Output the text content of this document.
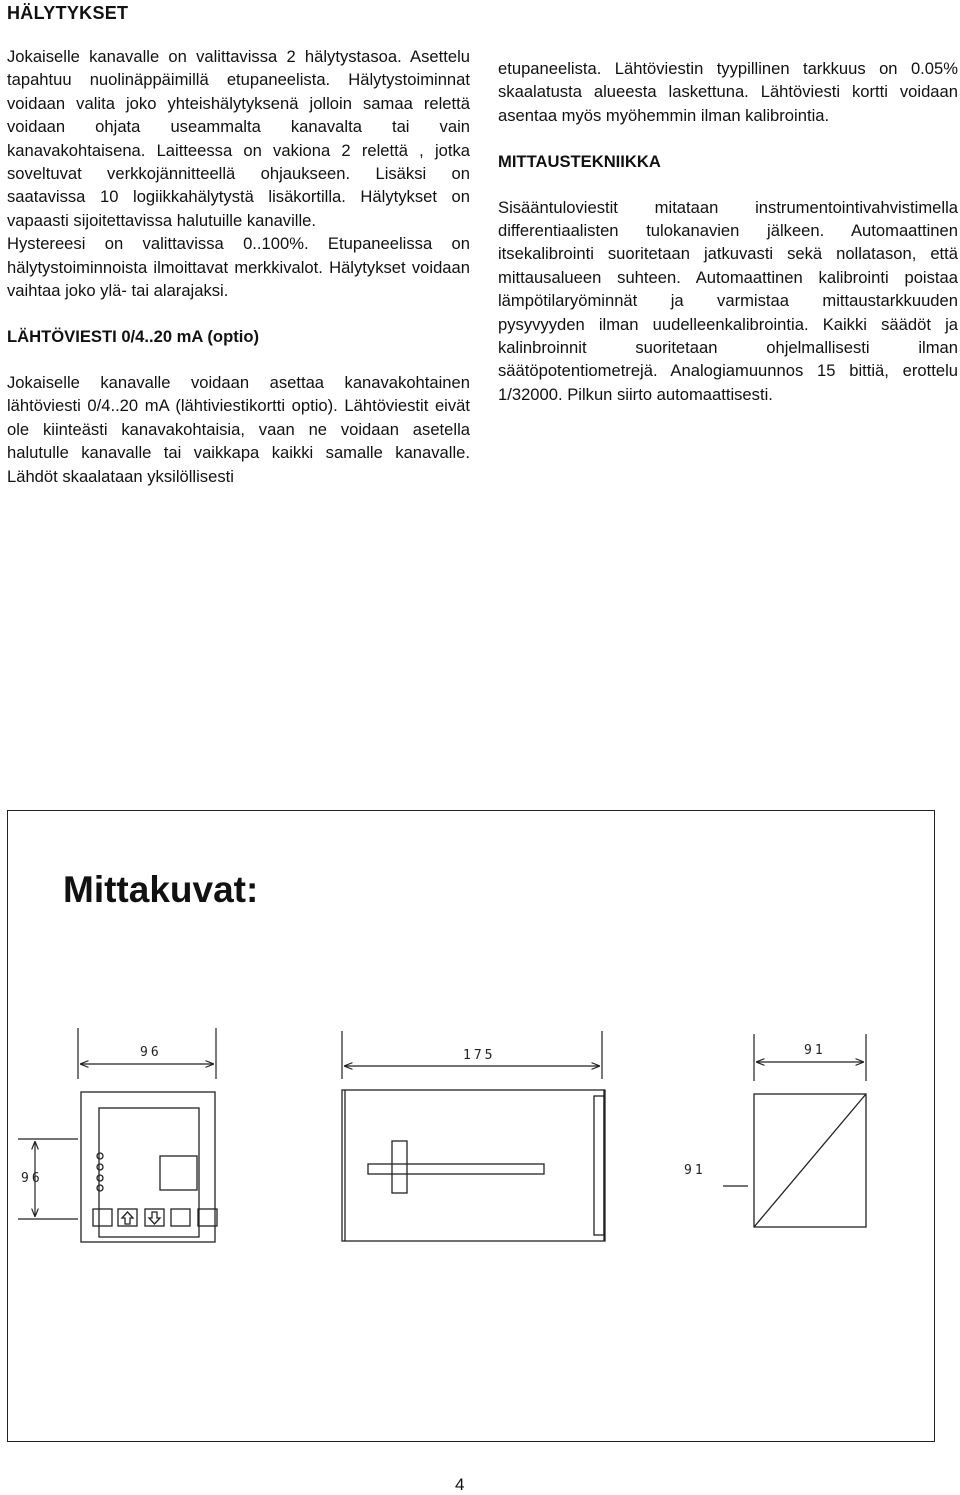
HÄLYTYKSET

Jokaiselle kanavalle on valittavissa 2 hälytystasoa. Asettelu tapahtuu nuolinäppäimillä etupaneelista. Hälytystoiminnat voidaan valita joko yhteishälytyksenä jolloin samaa relettä voidaan ohjata useammalta kanavalta tai vain kanavakohtaisena. Laitteessa on vakiona 2 relettä , jotka soveltuvat verkkojännitteellä ohjaukseen. Lisäksi on saatavissa 10 logiikkahälytystä lisäkortilla. Hälytykset on vapaasti sijoitettavissa halutuille kanaville.

Hystereesi on valittavissa 0..100%. Etupaneelissa on hälytystoiminnoista ilmoittavat merkkivalot. Hälytykset voidaan vaihtaa joko ylä- tai alarajaksi.

LÄHTÖVIESTI 0/4..20 mA (optio)

Jokaiselle kanavalle voidaan asettaa kanavakohtainen lähtöviesti 0/4..20 mA (lähtiviestikortti optio). Lähtöviestit eivät ole kiinteästi kanavakohtaisia, vaan ne voidaan asetella halutulle kanavalle tai vaikkapa kaikki samalle kanavalle. Lähdöt skaalataan yksilöllisesti

etupaneelista. Lähtöviestin tyypillinen tarkkuus on 0.05% skaalatusta alueesta laskettuna. Lähtöviesti kortti voidaan asentaa myös myöhemmin ilman kalibrointia.

MITTAUSTEKNIIKKA

Sisääntuloviestit mitataan instrumentointivahvistimella differentiaalisten tulokanavien jälkeen. Automaattinen itsekalibrointi suoritetaan jatkuvasti sekä nollatason, että mittausalueen suhteen. Automaattinen kalibrointi poistaa lämpötilaryöminnät ja varmistaa mittaustarkkuuden pysyvyyden ilman uudelleenkalibrointia. Kaikki säädöt ja kalinbroinnit suoritetaan ohjelmallisesti ilman säätöpotentiometrejä. Analogiamuunnos 15 bittiä, erottelu 1/32000. Pilkun siirto automaattisesti.

Mittakuvat:
96
96
175	91
91
4
